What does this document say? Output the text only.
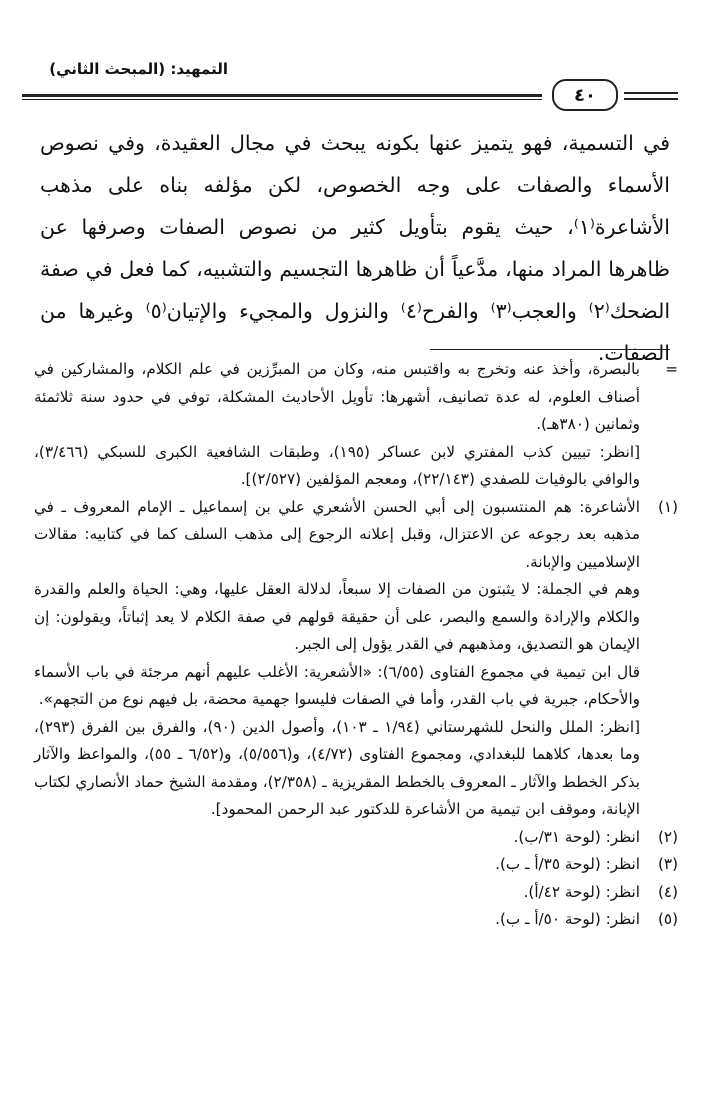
التمهيد: (المبحث الثاني)
٤٠

في التسمية، فهو يتميز عنها بكونه يبحث في مجال العقيدة، وفي نصوص الأسماء والصفات على وجه الخصوص، لكن مؤلفه بناه على مذهب الأشاعرة⁽١⁾، حيث يقوم بتأويل كثير من نصوص الصفات وصرفها عن ظاهرها المراد منها، مدَّعياً أن ظاهرها التجسيم والتشبيه، كما فعل في صفة الضحك⁽٢⁾ والعجب⁽٣⁾ والفرح⁽٤⁾ والنزول والمجيء والإتيان⁽٥⁾ وغيرها من الصفات.

=

بالبصرة، وأخذ عنه وتخرج به واقتبس منه، وكان من المبرِّزين في علم الكلام، والمشاركين في أصناف العلوم، له عدة تصانيف، أشهرها: تأويل الأحاديث المشكلة، توفي في حدود سنة ثلاثمئة وثمانين (٣٨٠هـ).

[انظر: تبيين كذب المفتري لابن عساكر (١٩٥)، وطبقات الشافعية الكبرى للسبكي (٣/٤٦٦)، والوافي بالوفيات للصفدي (٢٢/١٤٣)، ومعجم المؤلفين (٢/٥٢٧)].

(١)

الأشاعرة: هم المنتسبون إلى أبي الحسن الأشعري علي بن إسماعيل ـ الإمام المعروف ـ في مذهبه بعد رجوعه عن الاعتزال، وقبل إعلانه الرجوع إلى مذهب السلف كما في كتابيه: مقالات الإسلاميين والإبانة.

وهم في الجملة: لا يثبتون من الصفات إلا سبعاً، لدلالة العقل عليها، وهي: الحياة والعلم والقدرة والكلام والإرادة والسمع والبصر، على أن حقيقة قولهم في صفة الكلام لا يعد إثباتاً، ويقولون: إن الإيمان هو التصديق، ومذهبهم في القدر يؤول إلى الجبر.

قال ابن تيمية في مجموع الفتاوى (٦/٥٥): «الأشعرية: الأغلب عليهم أنهم مرجئة في باب الأسماء والأحكام، جبرية في باب القدر، وأما في الصفات فليسوا جهمية محضة، بل فيهم نوع من التجهم».

[انظر: الملل والنحل للشهرستاني (١/٩٤ ـ ١٠٣)، وأصول الدين (٩٠)، والفرق بين الفرق (٢٩٣)، وما بعدها، كلاهما للبغدادي، ومجموع الفتاوى (٤/٧٢)، و(٥/٥٥٦)، و(٦/٥٢ ـ ٥٥)، والمواعظ والآثار بذكر الخطط والآثار ـ المعروف بالخطط المقريزية ـ (٢/٣٥٨)، ومقدمة الشيخ حماد الأنصاري لكتاب الإبانة، وموقف ابن تيمية من الأشاعرة للدكتور عبد الرحمن المحمود].

(٢)

انظر: (لوحة ٣١/ب).

(٣)

انظر: (لوحة ٣٥/أ ـ ب).

(٤)

انظر: (لوحة ٤٢/أ).

(٥)

انظر: (لوحة ٥٠/أ ـ ب).
